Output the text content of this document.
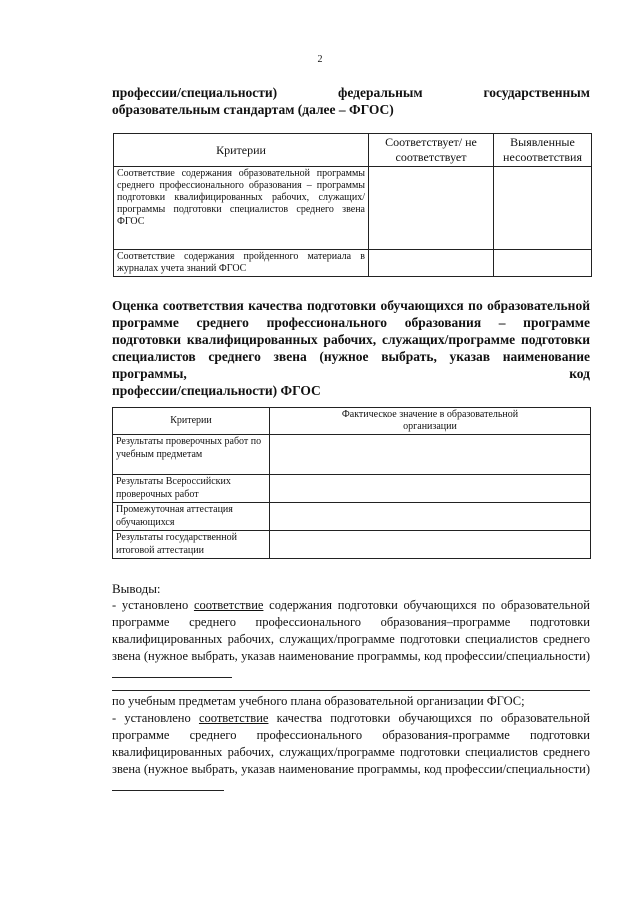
2
профессии/специальности) федеральным государственным
образовательным стандартам (далее – ФГОС)
Критерии	Соответствует/ не соответствует	Выявленные несоответствия
Соответствие содержания образовательной программы среднего профессионального образования – программы подготовки квалифицированных рабочих, служащих/программы подготовки специалистов среднего звена ФГОС		
Соответствие содержания пройденного материала в журналах учета знаний ФГОС		
Оценка соответствия качества подготовки обучающихся по образовательной программе среднего профессионального образования – программе подготовки квалифицированных рабочих, служащих/программе подготовки специалистов среднего звена (нужное выбрать, указав наименование программы, код
профессии/специальности) ФГОС
Критерии	Фактическое значение в образовательной организации
Результаты проверочных работ по учебным предметам	
Результаты Всероссийских проверочных работ	
Промежуточная аттестация обучающихся	
Результаты государственной итоговой аттестации	
Выводы:
- установлено соответствие содержания подготовки обучающихся по образовательной программе среднего профессионального образования–программе подготовки квалифицированных рабочих, служащих/программе подготовки специалистов среднего звена (нужное выбрать, указав наименование программы, код профессии/специальности)
по учебным предметам учебного плана образовательной организации ФГОС;
- установлено соответствие качества подготовки обучающихся по образовательной программе среднего профессионального образования-программе подготовки квалифицированных рабочих, служащих/программе подготовки специалистов среднего звена (нужное выбрать, указав наименование программы, код профессии/специальности)
